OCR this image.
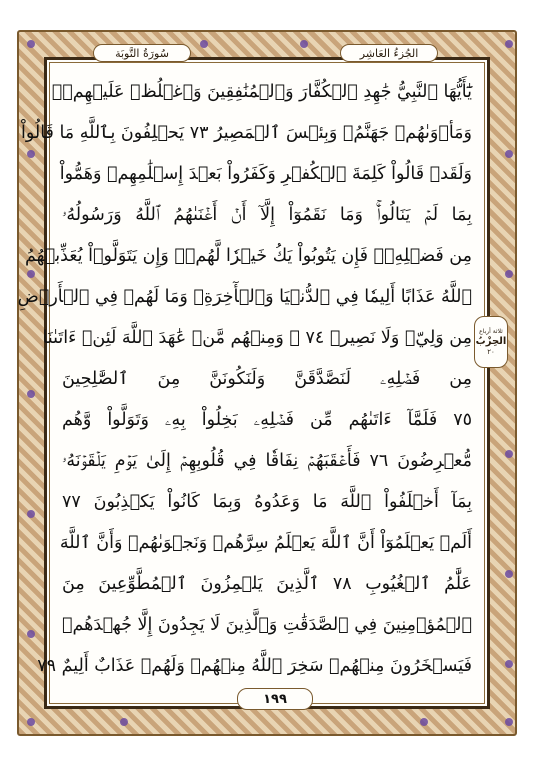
الجُزءُ العَاشِر
سُورَةُ التَّوبَة
يَٰٓأَيُّهَا ٱلنَّبِيُّ جَٰهِدِ ٱلۡكُفَّارَ وَٱلۡمُنَٰفِقِينَ وَٱغۡلُظۡ عَلَيۡهِمۡۚ
وَمَأۡوَىٰهُمۡ جَهَنَّمُۖ وَبِئۡسَ ٱلۡمَصِيرُ ٧٣ يَحۡلِفُونَ بِٱللَّهِ مَا قَالُواْ
وَلَقَدۡ قَالُواْ كَلِمَةَ ٱلۡكُفۡرِ وَكَفَرُواْ بَعۡدَ إِسۡلَٰمِهِمۡ وَهَمُّواْ
بِمَا لَمۡ يَنَالُواْۚ وَمَا نَقَمُوٓاْ إِلَّآ أَنۡ أَغۡنَىٰهُمُ ٱللَّهُ وَرَسُولُهُۥ
مِن فَضۡلِهِۦۚ فَإِن يَتُوبُواْ يَكُ خَيۡرٗا لَّهُمۡۖ وَإِن يَتَوَلَّوۡاْ يُعَذِّبۡهُمُ
ٱللَّهُ عَذَابًا أَلِيمٗا فِي ٱلدُّنۡيَا وَٱلۡأٓخِرَةِۚ وَمَا لَهُمۡ فِي ٱلۡأَرۡضِ
مِن وَلِيّٖ وَلَا نَصِيرٖ ٧٤ ۞ وَمِنۡهُم مَّنۡ عَٰهَدَ ٱللَّهَ لَئِنۡ ءَاتَىٰنَا
مِن فَضۡلِهِۦ لَنَصَّدَّقَنَّ وَلَنَكُونَنَّ مِنَ ٱلصَّٰلِحِينَ
٧٥ فَلَمَّآ ءَاتَىٰهُم مِّن فَضۡلِهِۦ بَخِلُواْ بِهِۦ وَتَوَلَّواْ وَّهُم
مُّعۡرِضُونَ ٧٦ فَأَعۡقَبَهُمۡ نِفَاقٗا فِي قُلُوبِهِمۡ إِلَىٰ يَوۡمِ يَلۡقَوۡنَهُۥ
بِمَآ أَخۡلَفُواْ ٱللَّهَ مَا وَعَدُوهُ وَبِمَا كَانُواْ يَكۡذِبُونَ ٧٧
أَلَمۡ يَعۡلَمُوٓاْ أَنَّ ٱللَّهَ يَعۡلَمُ سِرَّهُمۡ وَنَجۡوَىٰهُمۡ وَأَنَّ ٱللَّهَ
عَلَّٰمُ ٱلۡغُيُوبِ ٧٨ ٱلَّذِينَ يَلۡمِزُونَ ٱلۡمُطَّوِّعِينَ مِنَ
ٱلۡمُؤۡمِنِينَ فِي ٱلصَّدَقَٰتِ وَٱلَّذِينَ لَا يَجِدُونَ إِلَّا جُهۡدَهُمۡ
فَيَسۡخَرُونَ مِنۡهُمۡ سَخِرَ ٱللَّهُ مِنۡهُمۡ وَلَهُمۡ عَذَابٌ أَلِيمٌ ٧٩
ثلاثة أرباع
الحِزْبُ
٢٠
١٩٩
